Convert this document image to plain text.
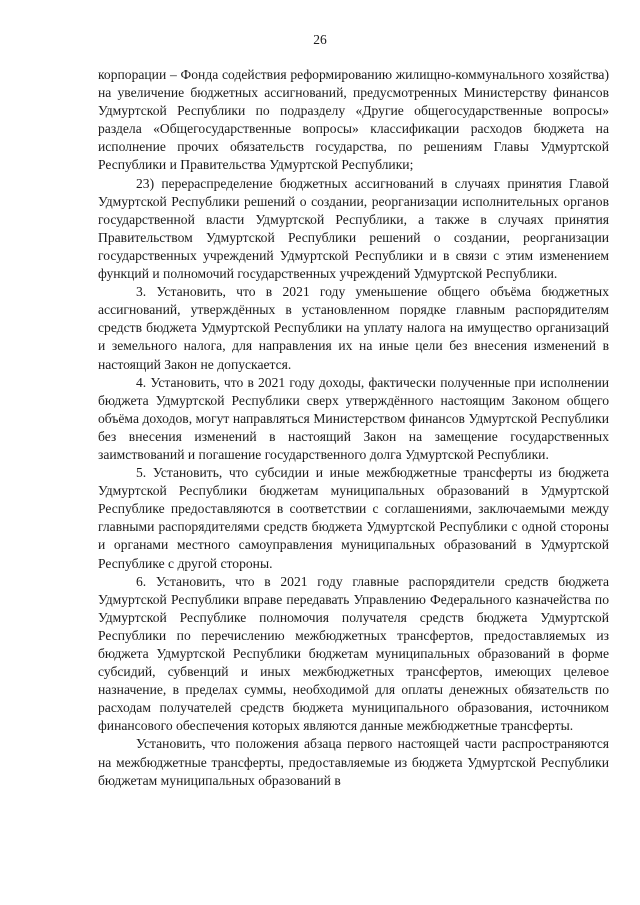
26

корпорации – Фонда содействия реформированию жилищно-коммунального хозяйства) на увеличение бюджетных ассигнований, предусмотренных Министерству финансов Удмуртской Республики по подразделу «Другие общегосударственные вопросы» раздела «Общегосударственные вопросы» классификации расходов бюджета на исполнение прочих обязательств государства, по решениям Главы Удмуртской Республики и Правительства Удмуртской Республики;

23) перераспределение бюджетных ассигнований в случаях принятия Главой Удмуртской Республики решений о создании, реорганизации исполнительных органов государственной власти Удмуртской Республики, а также в случаях принятия Правительством Удмуртской Республики решений о создании, реорганизации государственных учреждений Удмуртской Республики и в связи с этим изменением функций и полномочий государственных учреждений Удмуртской Республики.

3. Установить, что в 2021 году уменьшение общего объёма бюджетных ассигнований, утверждённых в установленном порядке главным распорядителям средств бюджета Удмуртской Республики на уплату налога на имущество организаций и земельного налога, для направления их на иные цели без внесения изменений в настоящий Закон не допускается.

4. Установить, что в 2021 году доходы, фактически полученные при исполнении бюджета Удмуртской Республики сверх утверждённого настоящим Законом общего объёма доходов, могут направляться Министерством финансов Удмуртской Республики без внесения изменений в настоящий Закон на замещение государственных заимствований и погашение государственного долга Удмуртской Республики.

5. Установить, что субсидии и иные межбюджетные трансферты из бюджета Удмуртской Республики бюджетам муниципальных образований в Удмуртской Республике предоставляются в соответствии с соглашениями, заключаемыми между главными распорядителями средств бюджета Удмуртской Республики с одной стороны и органами местного самоуправления муниципальных образований в Удмуртской Республике с другой стороны.

6. Установить, что в 2021 году главные распорядители средств бюджета Удмуртской Республики вправе передавать Управлению Федерального казначейства по Удмуртской Республике полномочия получателя средств бюджета Удмуртской Республики по перечислению межбюджетных трансфертов, предоставляемых из бюджета Удмуртской Республики бюджетам муниципальных образований в форме субсидий, субвенций и иных межбюджетных трансфертов, имеющих целевое назначение, в пределах суммы, необходимой для оплаты денежных обязательств по расходам получателей средств бюджета муниципального образования, источником финансового обеспечения которых являются данные межбюджетные трансферты.

Установить, что положения абзаца первого настоящей части распространяются на межбюджетные трансферты, предоставляемые из бюджета Удмуртской Республики бюджетам муниципальных образований в
